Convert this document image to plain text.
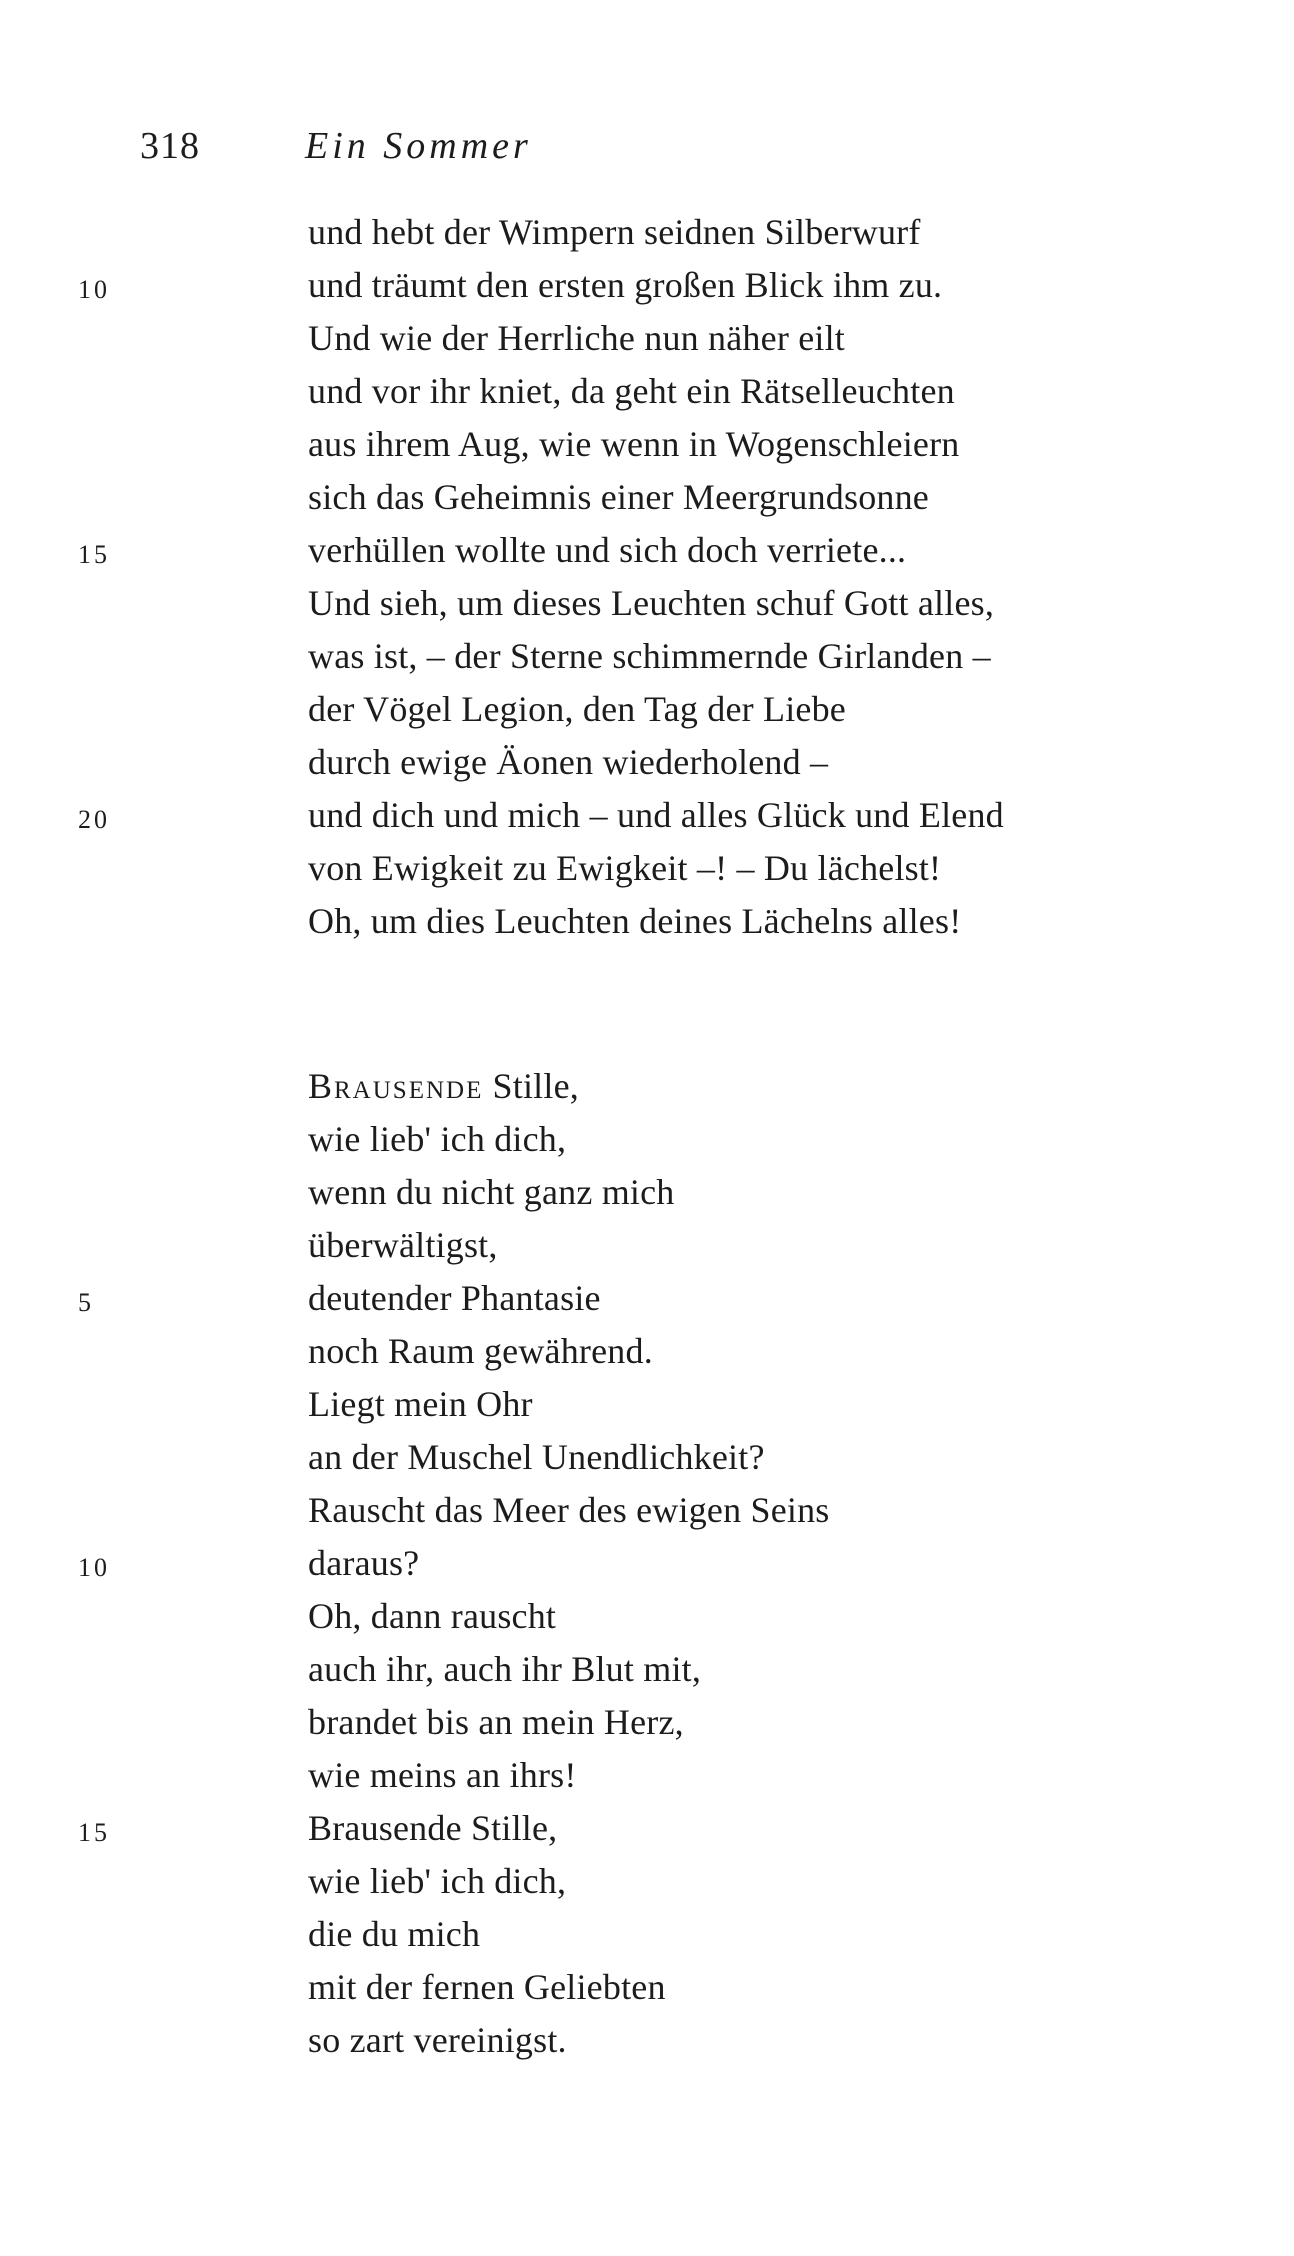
318	Ein Sommer
und hebt der Wimpern seidnen Silberwurf
10	und träumt den ersten großen Blick ihm zu.
Und wie der Herrliche nun näher eilt
und vor ihr kniet, da geht ein Rätselleuchten
aus ihrem Aug, wie wenn in Wogenschleiern
sich das Geheimnis einer Meergrundsonne
15	verhüllen wollte und sich doch verriete...
Und sieh, um dieses Leuchten schuf Gott alles,
was ist, – der Sterne schimmernde Girlanden –
der Vögel Legion, den Tag der Liebe
durch ewige Äonen wiederholend –
20	und dich und mich – und alles Glück und Elend
von Ewigkeit zu Ewigkeit –! – Du lächelst!
Oh, um dies Leuchten deines Lächelns alles!
Brausende Stille,
wie lieb' ich dich,
wenn du nicht ganz mich
überwältigst,
5	deutender Phantasie
noch Raum gewährend.
Liegt mein Ohr
an der Muschel Unendlichkeit?
Rauscht das Meer des ewigen Seins
10	daraus?
Oh, dann rauscht
auch ihr, auch ihr Blut mit,
brandet bis an mein Herz,
wie meins an ihrs!
15	Brausende Stille,
wie lieb' ich dich,
die du mich
mit der fernen Geliebten
so zart vereinigst.
